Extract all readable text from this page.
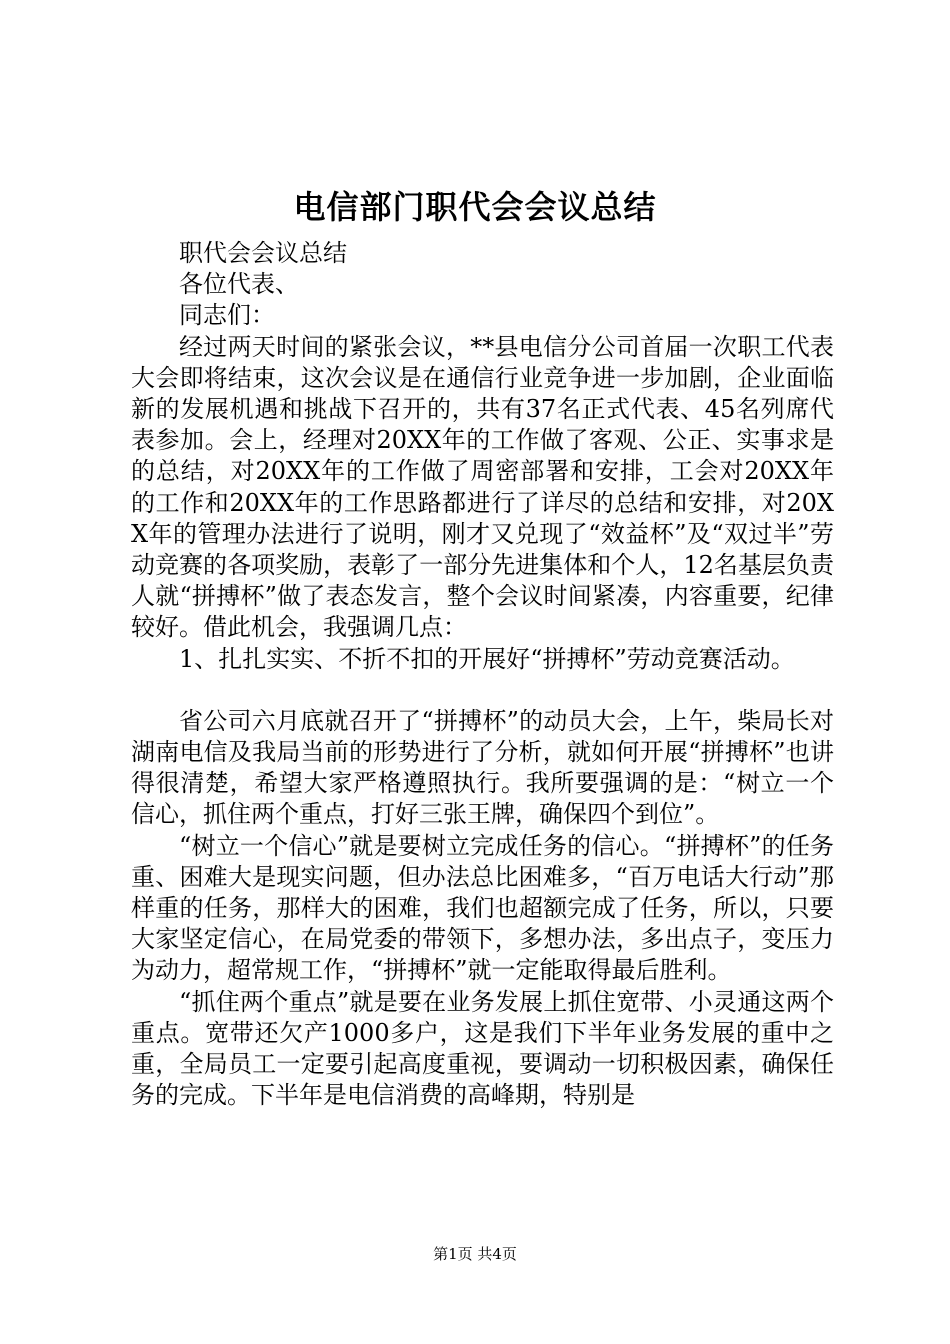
电信部门职代会会议总结

职代会会议总结

各位代表、

同志们：

经过两天时间的紧张会议，**县电信分公司首届一次职工代表大会即将结束，这次会议是在通信行业竞争进一步加剧，企业面临新的发展机遇和挑战下召开的，共有37名正式代表、45名列席代表参加。会上，经理对20XX年的工作做了客观、公正、实事求是的总结，对20XX年的工作做了周密部署和安排，工会对20XX年的工作和20XX年的工作思路都进行了详尽的总结和安排，对20XX年的管理办法进行了说明，刚才又兑现了“效益杯”及“双过半”劳动竞赛的各项奖励，表彰了一部分先进集体和个人，12名基层负责人就“拼搏杯”做了表态发言，整个会议时间紧凑，内容重要，纪律较好。借此机会，我强调几点：

1、扎扎实实、不折不扣的开展好“拼搏杯”劳动竞赛活动。

省公司六月底就召开了“拼搏杯”的动员大会，上午，柴局长对湖南电信及我局当前的形势进行了分析，就如何开展“拼搏杯”也讲得很清楚，希望大家严格遵照执行。我所要强调的是：“树立一个信心，抓住两个重点，打好三张王牌，确保四个到位”。

“树立一个信心”就是要树立完成任务的信心。“拼搏杯”的任务重、困难大是现实问题，但办法总比困难多，“百万电话大行动”那样重的任务，那样大的困难，我们也超额完成了任务，所以，只要大家坚定信心，在局党委的带领下，多想办法，多出点子，变压力为动力，超常规工作，“拼搏杯”就一定能取得最后胜利。

“抓住两个重点”就是要在业务发展上抓住宽带、小灵通这两个重点。宽带还欠产1000多户，这是我们下半年业务发展的重中之重，全局员工一定要引起高度重视，要调动一切积极因素，确保任务的完成。下半年是电信消费的高峰期，特别是

第1页 共4页
